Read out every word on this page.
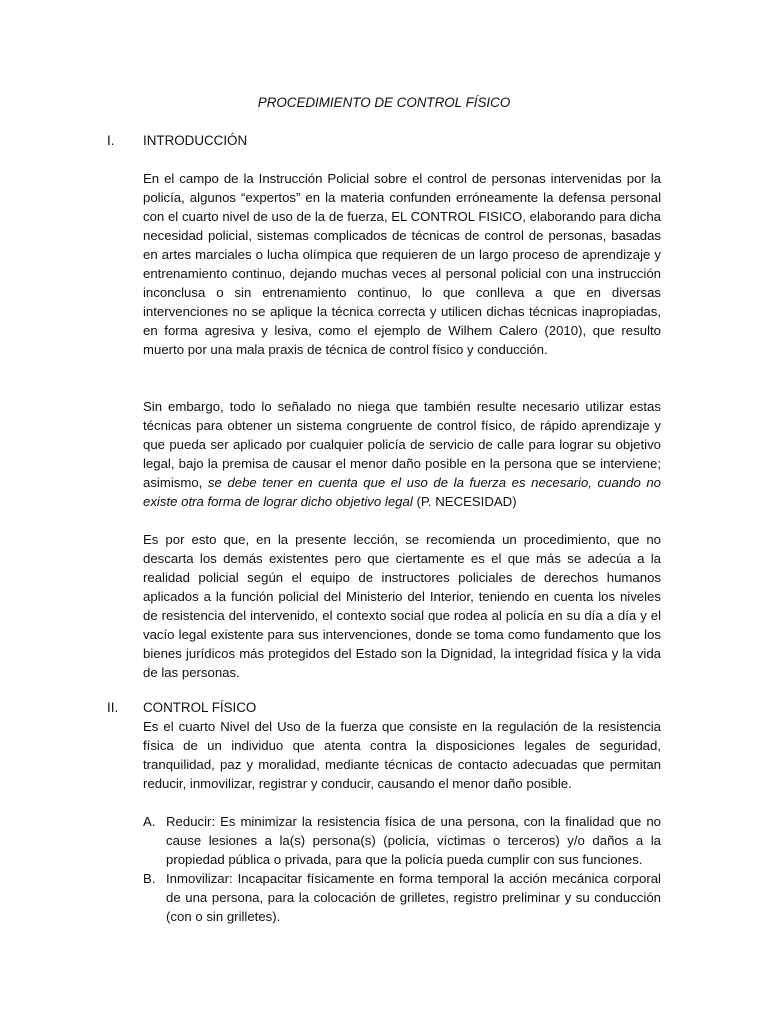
PROCEDIMIENTO DE CONTROL FÍSICO
I. INTRODUCCIÓN

En el campo de la Instrucción Policial sobre el control de personas intervenidas por la policía, algunos “expertos” en la materia confunden erróneamente la defensa personal con el cuarto nivel de uso de la de fuerza, EL CONTROL FISICO, elaborando para dicha necesidad policial, sistemas complicados de técnicas de control de personas, basadas en artes marciales o lucha olímpica que requieren de un largo proceso de aprendizaje y entrenamiento continuo, dejando muchas veces al personal policial con una instrucción inconclusa o sin entrenamiento continuo, lo que conlleva a que en diversas intervenciones no se aplique la técnica correcta y utilicen dichas técnicas inapropiadas, en forma agresiva y lesiva, como el ejemplo de Wilhem Calero (2010), que resulto muerto por una mala praxis de técnica de control físico y conducción.

Sin embargo, todo lo señalado no niega que también resulte necesario utilizar estas técnicas para obtener un sistema congruente de control físico, de rápido aprendizaje y que pueda ser aplicado por cualquier policía de servicio de calle para lograr su objetivo legal, bajo la premisa de causar el menor daño posible en la persona que se interviene; asimismo, se debe tener en cuenta que el uso de la fuerza es necesario, cuando no existe otra forma de lograr dicho objetivo legal (P. NECESIDAD)

Es por esto que, en la presente lección, se recomienda un procedimiento, que no descarta los demás existentes pero que ciertamente es el que más se adecúa a la realidad policial según el equipo de instructores policiales de derechos humanos aplicados a la función policial del Ministerio del Interior, teniendo en cuenta los niveles de resistencia del intervenido, el contexto social que rodea al policía en su día a día y el vacío legal existente para sus intervenciones, donde se toma como fundamento que los bienes jurídicos más protegidos del Estado son la Dignidad, la integridad física y la vida de las personas.

II. CONTROL FÍSICO

Es el cuarto Nivel del Uso de la fuerza que consiste en la regulación de la resistencia física de un individuo que atenta contra la disposiciones legales de seguridad, tranquilidad, paz y moralidad, mediante técnicas de contacto adecuadas que permitan reducir, inmovilizar, registrar y conducir, causando el menor daño posible.

A. Reducir: Es minimizar la resistencia física de una persona, con la finalidad que no cause lesiones a la(s) persona(s) (policía, víctimas o terceros) y/o daños a la propiedad pública o privada, para que la policía pueda cumplir con sus funciones.
B. Inmovilizar: Incapacitar físicamente en forma temporal la acción mecánica corporal de una persona, para la colocación de grilletes, registro preliminar y su conducción (con o sin grilletes).
